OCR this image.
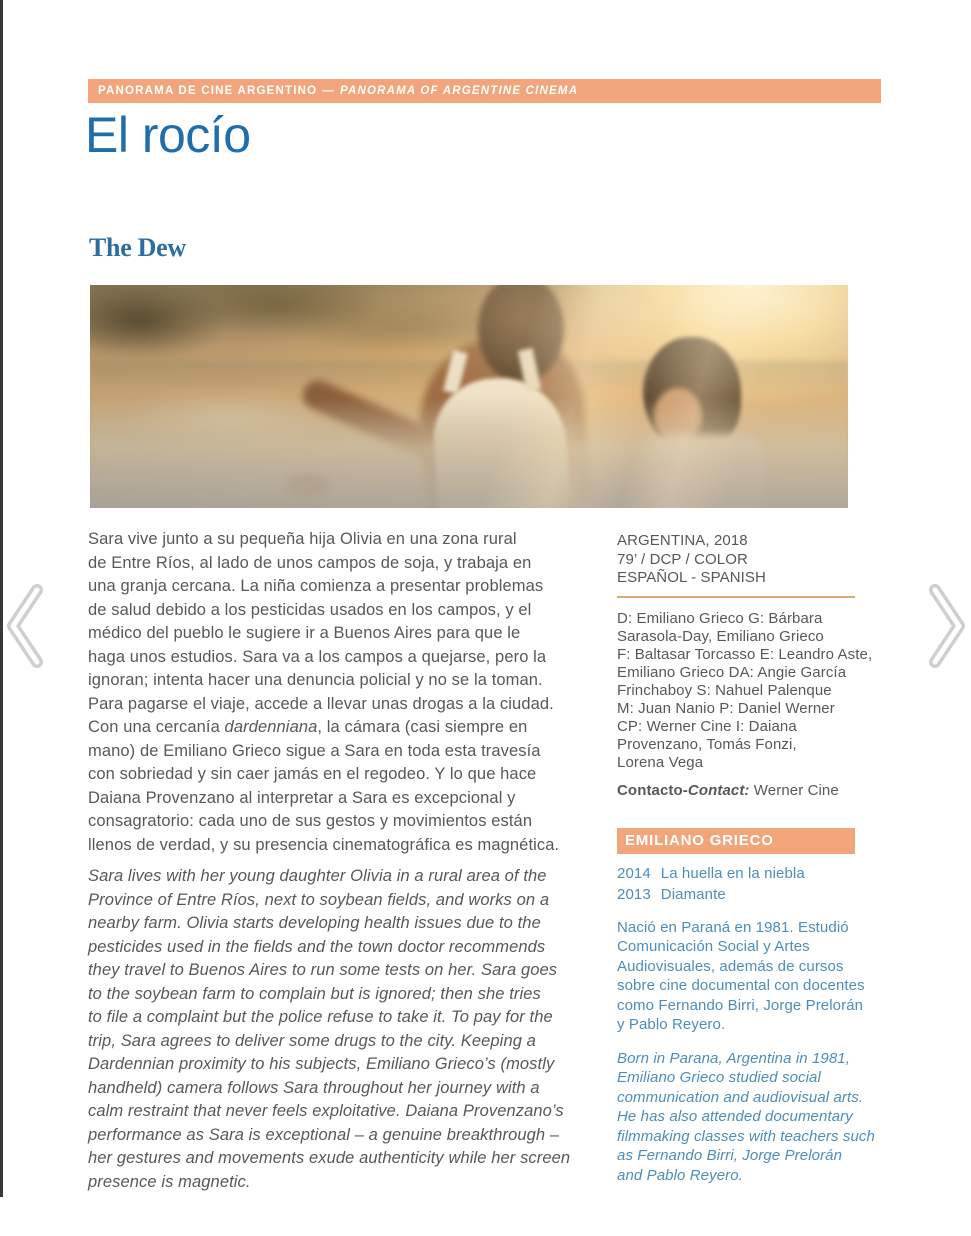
PANORAMA DE CINE ARGENTINO — PANORAMA OF ARGENTINE CINEMA
El rocío
The Dew
Sara vive junto a su pequeña hija Olivia en una zona rural
de Entre Ríos, al lado de unos campos de soja, y trabaja en
una granja cercana. La niña comienza a presentar problemas
de salud debido a los pesticidas usados en los campos, y el
médico del pueblo le sugiere ir a Buenos Aires para que le
haga unos estudios. Sara va a los campos a quejarse, pero la
ignoran; intenta hacer una denuncia policial y no se la toman.
Para pagarse el viaje, accede a llevar unas drogas a la ciudad.
Con una cercanía dardenniana, la cámara (casi siempre en
mano) de Emiliano Grieco sigue a Sara en toda esta travesía
con sobriedad y sin caer jamás en el regodeo. Y lo que hace
Daiana Provenzano al interpretar a Sara es excepcional y
consagratorio: cada uno de sus gestos y movimientos están
llenos de verdad, y su presencia cinematográfica es magnética.
Sara lives with her young daughter Olivia in a rural area of the
Province of Entre Ríos, next to soybean fields, and works on a
nearby farm. Olivia starts developing health issues due to the
pesticides used in the fields and the town doctor recommends
they travel to Buenos Aires to run some tests on her. Sara goes
to the soybean farm to complain but is ignored; then she tries
to file a complaint but the police refuse to take it. To pay for the
trip, Sara agrees to deliver some drugs to the city. Keeping a
Dardennian proximity to his subjects, Emiliano Grieco’s (mostly
handheld) camera follows Sara throughout her journey with a
calm restraint that never feels exploitative. Daiana Provenzano’s
performance as Sara is exceptional – a genuine breakthrough –
her gestures and movements exude authenticity while her screen
presence is magnetic.
ARGENTINA, 2018
79’ / DCP / COLOR
ESPAÑOL - SPANISH
D: Emiliano Grieco G: Bárbara
Sarasola-Day, Emiliano Grieco
F: Baltasar Torcasso E: Leandro Aste,
Emiliano Grieco DA: Angie García
Frinchaboy S: Nahuel Palenque
M: Juan Nanio P: Daniel Werner
CP: Werner Cine I: Daiana
Provenzano, Tomás Fonzi,
Lorena Vega
Contacto-Contact: Werner Cine
EMILIANO GRIECO
2014 La huella en la niebla
2013 Diamante
Nació en Paraná en 1981. Estudió
Comunicación Social y Artes
Audiovisuales, además de cursos
sobre cine documental con docentes
como Fernando Birri, Jorge Prelorán
y Pablo Reyero.
Born in Parana, Argentina in 1981,
Emiliano Grieco studied social
communication and audiovisual arts.
He has also attended documentary
filmmaking classes with teachers such
as Fernando Birri, Jorge Prelorán
and Pablo Reyero.
